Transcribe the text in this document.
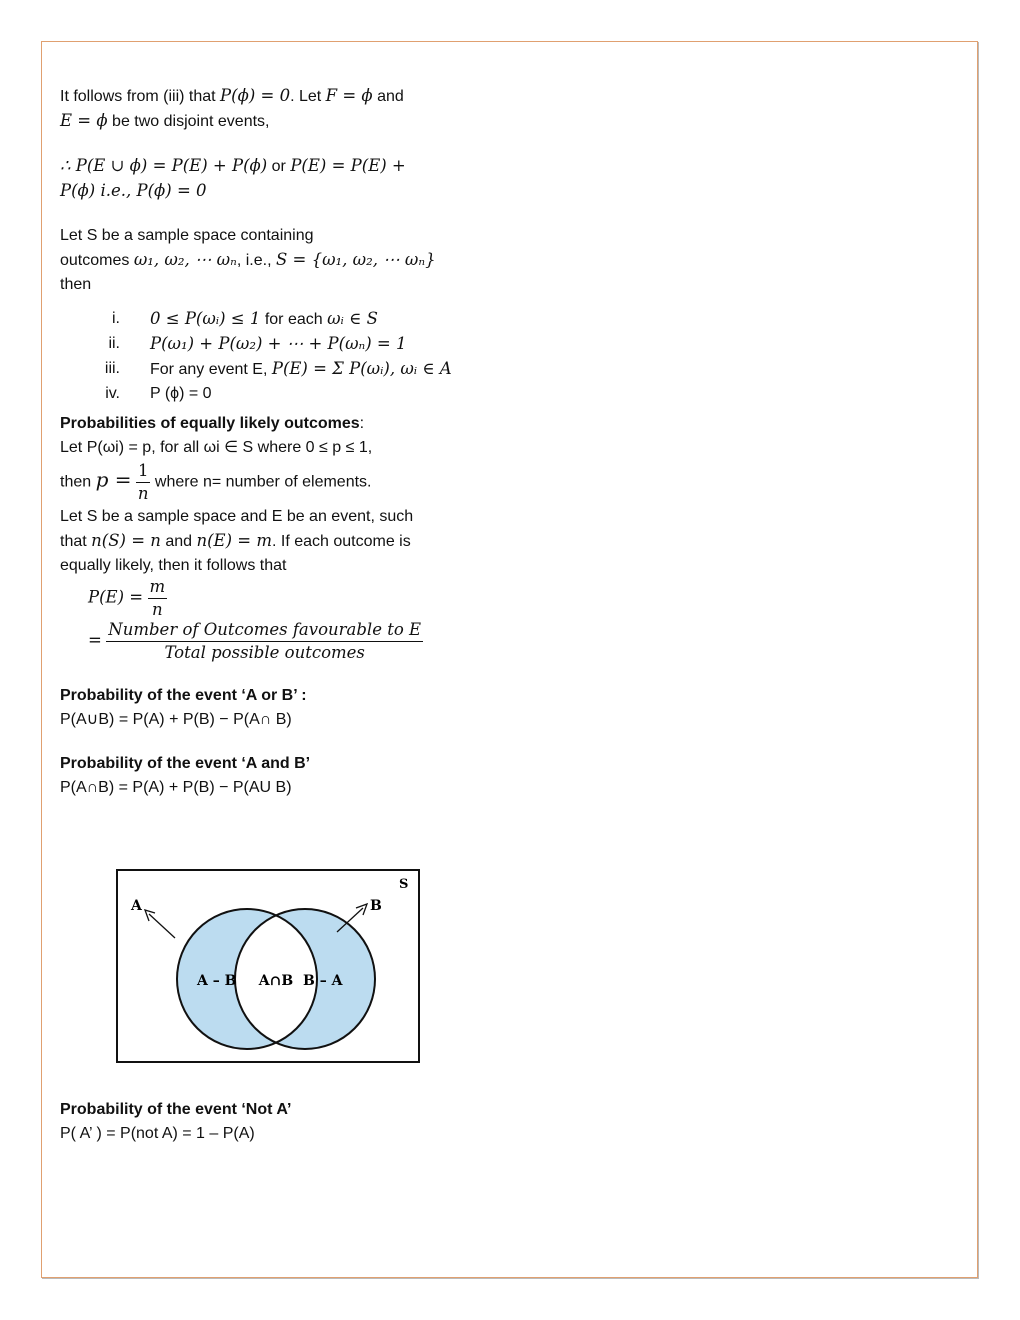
It follows from (iii) that P(ϕ) = 0. Let F = ϕ and

E = ϕ be two disjoint events,

∴ P(E ∪ ϕ) = P(E) + P(ϕ) or P(E) = P(E) +

P(ϕ) i.e., P(ϕ) = 0

Let S be a sample space containing

outcomes ω₁, ω₂, ⋯ ωₙ, i.e., S = {ω₁, ω₂, ⋯ ωₙ}

then

i.	0 ≤ P(ωᵢ) ≤ 1 for each ωᵢ ∈ S
ii.	P(ω₁) + P(ω₂) + ⋯ + P(ωₙ) = 1
iii.	For any event E, P(E) = Σ P(ωᵢ), ωᵢ ∈ A
iv.	P (ϕ) = 0

Probabilities of equally likely outcomes:

Let P(ωi) = p, for all ωi ∈ S where 0 ≤ p ≤ 1,

then $p = \frac{1}{n}$ where n= number of elements.

Let S be a sample space and E be an event, such

that n(S) = n and n(E) = m. If each outcome is

equally likely, then it follows that

$P(E) = \frac{m}{n}$
= $\frac{\text{Number of Outcomes favourable to E}}{\text{Total possible outcomes}}$

Probability of the event ‘A or B’ :

P(A∪B) = P(A) + P(B) − P(A∩ B)

Probability of the event ‘A and B’

P(A∩B) = P(A) + P(B) − P(AU B)

S
A	B
A – B A∩B B – A

Probability of the event ‘Not A’

P( A’ ) = P(not A) = 1 – P(A)
